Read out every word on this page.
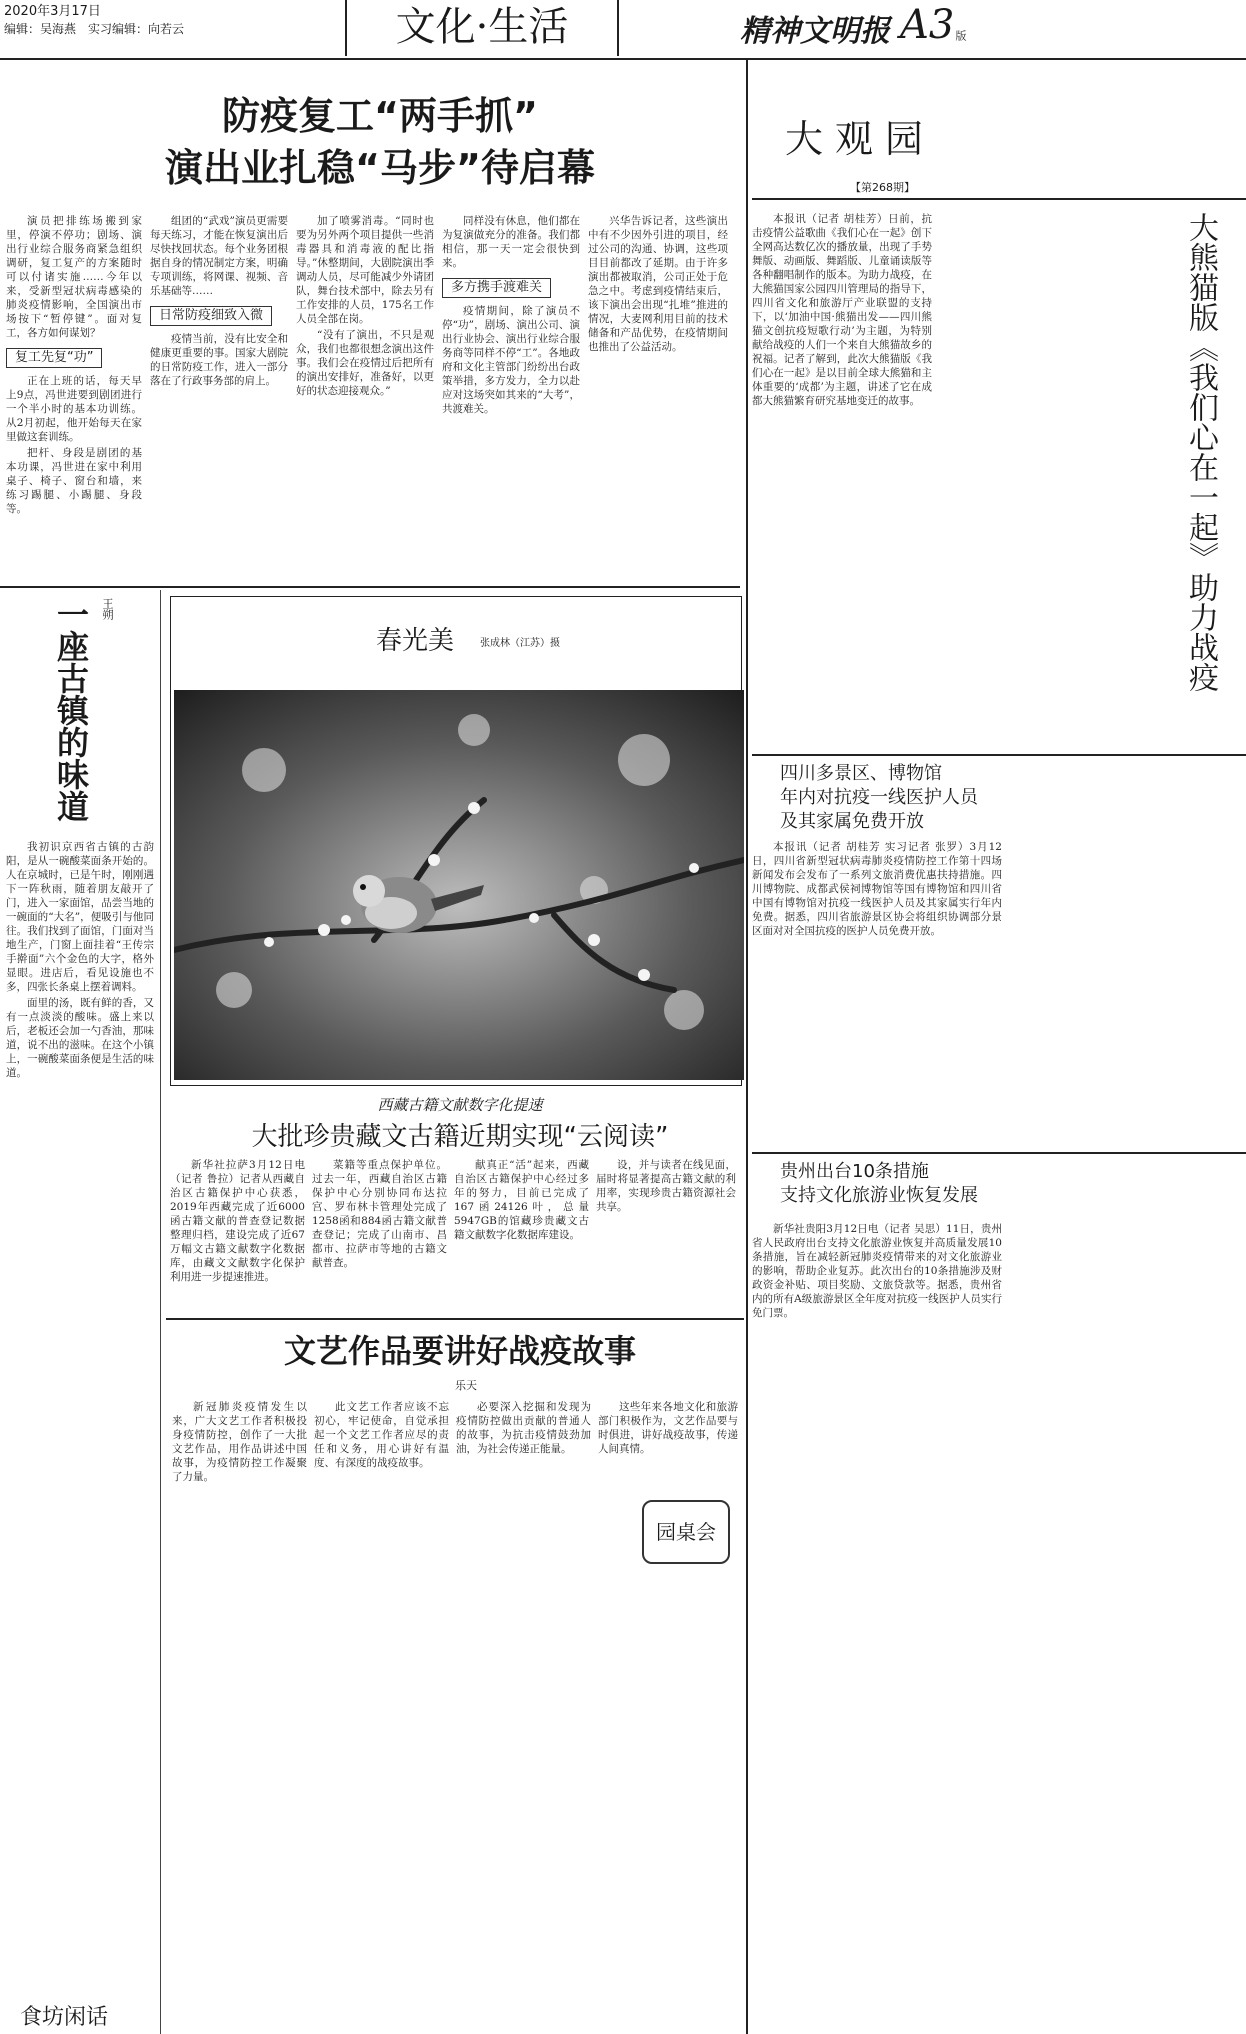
2020年3月17日
编辑：吴海燕　实习编辑：向若云	文化·生活	精神文明报 A3 版
防疫复工“两手抓”
演出业扎稳“马步”待启幕

演员把排练场搬到家里，停演不停功；剧场、演出行业综合服务商紧急组织调研，复工复产的方案随时可以付诸实施……今年以来，受新型冠状病毒感染的肺炎疫情影响，全国演出市场按下“暂停键”。面对复工，各方如何谋划？

复工先复“功”

正在上班的话，每天早上9点，冯世进要到剧团进行一个半小时的基本功训练。从2月初起，他开始每天在家里做这套训练。

把杆、身段是剧团的基本功课，冯世进在家中利用桌子、椅子、窗台和墙，来练习踢腿、小踢腿、身段等。

组团的“武戏”演员更需要每天练习，才能在恢复演出后尽快找回状态。每个业务团根据自身的情况制定方案，明确专项训练，将网课、视频、音乐基础等……

日常防疫细致入微

疫情当前，没有比安全和健康更重要的事。国家大剧院的日常防疫工作，进入一部分落在了行政事务部的肩上。

加了喷雾消毒。“同时也要为另外两个项目提供一些消毒器具和消毒液的配比指导。”休整期间，大剧院演出季调动人员，尽可能减少外请团队，舞台技术部中，除去另有工作安排的人员，175名工作人员全部在岗。

“没有了演出，不只是观众，我们也都很想念演出这件事。我们会在疫情过后把所有的演出安排好，准备好，以更好的状态迎接观众。”

同样没有休息，他们都在为复演做充分的准备。我们都相信，那一天一定会很快到来。

多方携手渡难关

疫情期间，除了演员不停“功”，剧场、演出公司、演出行业协会、演出行业综合服务商等同样不停“工”。各地政府和文化主管部门纷纷出台政策举措，多方发力，全力以赴应对这场突如其来的“大考”，共渡难关。

兴华告诉记者，这些演出中有不少因外引进的项目，经过公司的沟通、协调，这些项目目前都改了延期。由于许多演出都被取消，公司正处于危急之中。考虑到疫情结束后，该下演出会出现“扎堆”推进的情况，大麦网利用目前的技术储备和产品优势，在疫情期间也推出了公益活动。

大观园
【第268期】
大熊猫版《我们心在一起》助力战疫

本报讯（记者 胡桂芳）日前，抗击疫情公益歌曲《我们心在一起》创下全网高达数亿次的播放量，出现了手势舞版、动画版、舞蹈版、儿童诵读版等各种翻唱制作的版本。为助力战疫，在大熊猫国家公园四川管理局的指导下，四川省文化和旅游厅产业联盟的支持下，以‘加油中国·熊猫出发——四川熊猫文创抗疫短歌行动’为主题，为特别献给战疫的人们一个来自大熊猫故乡的祝福。记者了解到，此次大熊猫版《我们心在一起》是以目前全球大熊猫和主体重要的‘成都’为主题，讲述了它在成都大熊猫繁育研究基地变迁的故事。

四川多景区、博物馆
年内对抗疫一线医护人员
及其家属免费开放

本报讯（记者 胡桂芳 实习记者 张罗）3月12日，四川省新型冠状病毒肺炎疫情防控工作第十四场新闻发布会发布了一系列文旅消费优惠扶持措施。四川博物院、成都武侯祠博物馆等国有博物馆和四川省中国有博物馆对抗疫一线医护人员及其家属实行年内免费。据悉，四川省旅游景区协会将组织协调部分景区面对对全国抗疫的医护人员免费开放。

贵州出台10条措施
支持文化旅游业恢复发展

新华社贵阳3月12日电（记者 吴思）11日，贵州省人民政府出台支持文化旅游业恢复并高质量发展10条措施，旨在减轻新冠肺炎疫情带来的对文化旅游业的影响，帮助企业复苏。此次出台的10条措施涉及财政资金补贴、项目奖励、文旅贷款等。据悉，贵州省内的所有A级旅游景区全年度对抗疫一线医护人员实行免门票。

王朔
一座古镇的味道

我初识京西省古镇的古韵阳，是从一碗酸菜面条开始的。人在京城时，已是午时，刚刚遇下一阵秋雨，随着朋友敲开了门，进入一家面馆，品尝当地的一碗面的“大名”，便吸引与他同往。我们找到了面馆，门面对当地生产，门窗上面挂着“王传宗手擀面”六个金色的大字，格外显眼。进店后，看见设施也不多，四张长条桌上摆着调料。

面里的汤，既有鲜的香，又有一点淡淡的酸味。盛上来以后，老板还会加一勺香油，那味道，说不出的滋味。在这个小镇上，一碗酸菜面条便是生活的味道。

食坊闲话
春光美	张成林（江苏）摄
西藏古籍文献数字化提速
大批珍贵藏文古籍近期实现“云阅读”

新华社拉萨3月12日电（记者 鲁拉）记者从西藏自治区古籍保护中心获悉，2019年西藏完成了近6000函古籍文献的普查登记数据整理归档，建设完成了近67万幅文古籍文献数字化数据库，由藏文文献数字化保护利用进一步提速推进。

菜籍等重点保护单位。过去一年，西藏自治区古籍保护中心分别协同布达拉宫、罗布林卡管理处完成了1258函和884函古籍文献普查登记；完成了山南市、昌都市、拉萨市等地的古籍文献普查。

献真正“活”起来，西藏自治区古籍保护中心经过多年的努力，目前已完成了167函24126叶，总量5947GB的馆藏珍贵藏文古籍文献数字化数据库建设。

设，并与读者在线见面，届时将显著提高古籍文献的利用率，实现珍贵古籍资源社会共享。

文艺作品要讲好战疫故事
乐天

新冠肺炎疫情发生以来，广大文艺工作者积极投身疫情防控，创作了一大批文艺作品，用作品讲述中国故事，为疫情防控工作凝聚了力量。

此文艺工作者应该不忘初心，牢记使命，自觉承担起一个文艺工作者应尽的责任和义务，用心讲好有温度、有深度的战疫故事。

必要深入挖掘和发现为疫情防控做出贡献的普通人的故事，为抗击疫情鼓劲加油，为社会传递正能量。

这些年来各地文化和旅游部门积极作为，文艺作品要与时俱进，讲好战疫故事，传递人间真情。

园桌会
